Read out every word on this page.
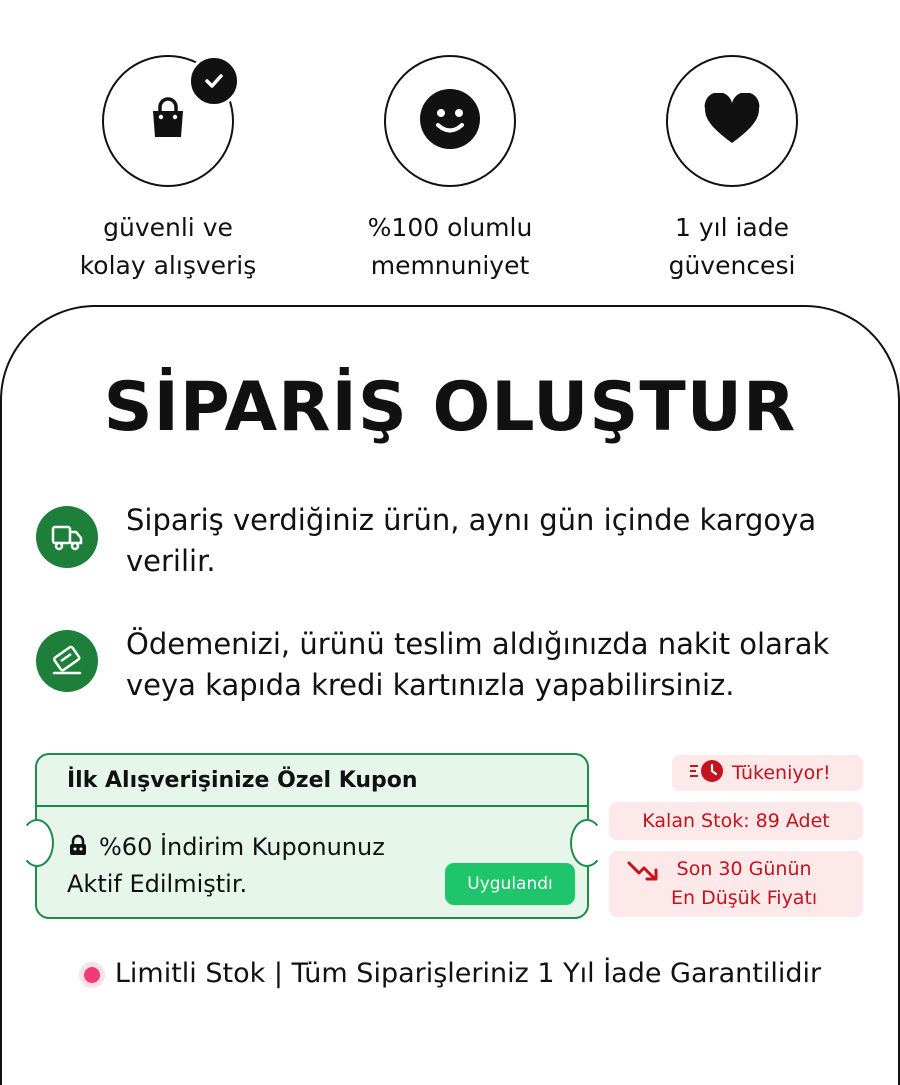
güvenli ve
kolay alışveriş
%100 olumlu
memnuniyet
1 yıl iade
güvencesi
SİPARİŞ OLUŞTUR
Sipariş verdiğiniz ürün, aynı gün içinde kargoya verilir.
Ödemenizi, ürünü teslim aldığınızda nakit olarak veya kapıda kredi kartınızla yapabilirsiniz.
İlk Alışverişinize Özel Kupon
%60 İndirim Kuponunuz
Aktif Edilmiştir.	Uygulandı
Tükeniyor!
Kalan Stok: 89 Adet
Son 30 Günün
En Düşük Fiyatı
Limitli Stok | Tüm Siparişleriniz 1 Yıl İade Garantilidir
